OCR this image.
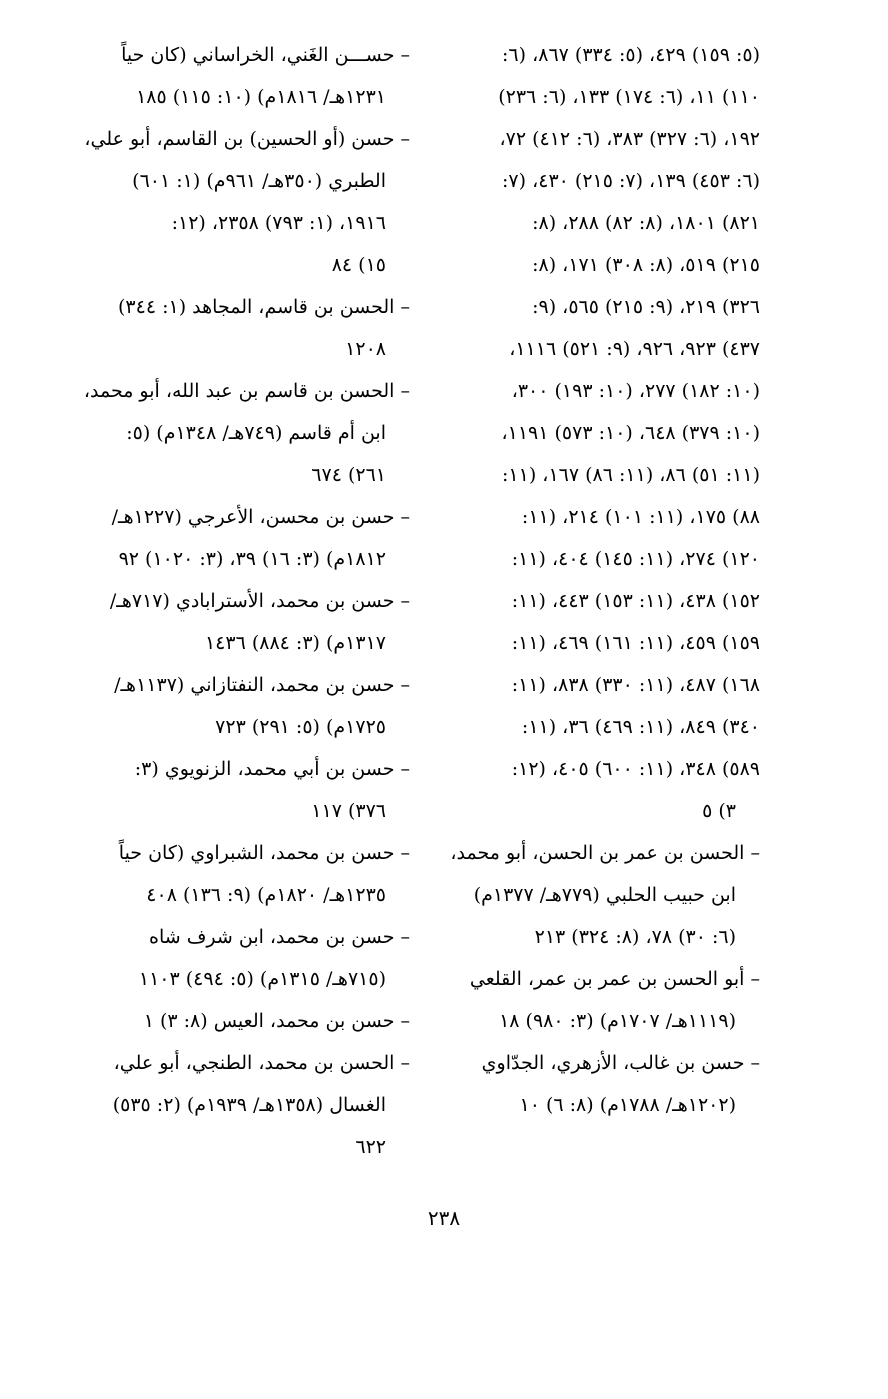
(٥: ١٥٩) ٤٢٩، (٥: ٣٣٤) ٨٦٧، (٦:
١١٠) ١١، (٦: ١٧٤) ١٣٣، (٦: ٢٣٦)
١٩٢، (٦: ٣٢٧) ٣٨٣، (٦: ٤١٢) ٧٢،
(٦: ٤٥٣) ١٣٩، (٧: ٢١٥) ٤٣٠، (٧:
٨٢١) ١٨٠١، (٨: ٨٢) ٢٨٨، (٨:
٢١٥) ٥١٩، (٨: ٣٠٨) ١٧١، (٨:
٣٢٦) ٢١٩، (٩: ٢١٥) ٥٦٥، (٩:
٤٣٧) ٩٢٣، ٩٢٦، (٩: ٥٢١) ١١١٦،
(١٠: ١٨٢) ٢٧٧، (١٠: ١٩٣) ٣٠٠،
(١٠: ٣٧٩) ٦٤٨، (١٠: ٥٧٣) ١١٩١،
(١١: ٥١) ٨٦، (١١: ٨٦) ١٦٧، (١١:
٨٨) ١٧٥، (١١: ١٠١) ٢١٤، (١١:
١٢٠) ٢٧٤، (١١: ١٤٥) ٤٠٤، (١١:
١٥٢) ٤٣٨، (١١: ١٥٣) ٤٤٣، (١١:
١٥٩) ٤٥٩، (١١: ١٦١) ٤٦٩، (١١:
١٦٨) ٤٨٧، (١١: ٣٣٠) ٨٣٨، (١١:
٣٤٠) ٨٤٩، (١١: ٤٦٩) ٣٦، (١١:
٥٨٩) ٣٤٨، (١١: ٦٠٠) ٤٠٥، (١٢:
٣) ٥
– الحسن بن عمر بن الحسن، أبو محمد،
ابن حبيب الحلبي (٧٧٩هـ/ ١٣٧٧م)
(٦: ٣٠) ٧٨، (٨: ٣٢٤) ٢١٣
– أبو الحسن بن عمر بن عمر، القلعي
(١١١٩هـ/ ١٧٠٧م) (٣: ٩٨٠) ١٨
– حسن بن غالب، الأزهري، الجدّاوي
(١٢٠٢هـ/ ١٧٨٨م) (٨: ٦) ١٠
– حســـن الغَني، الخراساني (كان حياً
١٢٣١هـ/ ١٨١٦م) (١٠: ١١٥) ١٨٥
– حسن (أو الحسين) بن القاسم، أبو علي،
الطبري (٣٥٠هـ/ ٩٦١م) (١: ٦٠١)
١٩١٦، (١: ٧٩٣) ٢٣٥٨، (١٢:
١٥) ٨٤
– الحسن بن قاسم، المجاهد (١: ٣٤٤)
١٢٠٨
– الحسن بن قاسم بن عبد الله، أبو محمد،
ابن أم قاسم (٧٤٩هـ/ ١٣٤٨م) (٥:
٢٦١) ٦٧٤
– حسن بن محسن، الأعرجي (١٢٢٧هـ/
١٨١٢م) (٣: ١٦) ٣٩، (٣: ١٠٢٠) ٩٢
– حسن بن محمد، الأسترابادي (٧١٧هـ/
١٣١٧م) (٣: ٨٨٤) ١٤٣٦
– حسن بن محمد، النفتازاني (١١٣٧هـ/
١٧٢٥م) (٥: ٢٩١) ٧٢٣
– حسن بن أبي محمد، الزنويوي (٣:
٣٧٦) ١١٧
– حسن بن محمد، الشبراوي (كان حياً
١٢٣٥هـ/ ١٨٢٠م) (٩: ١٣٦) ٤٠٨
– حسن بن محمد، ابن شرف شاه
(٧١٥هـ/ ١٣١٥م) (٥: ٤٩٤) ١١٠٣
– حسن بن محمد، العيس (٨: ٣) ١
– الحسن بن محمد، الطنجي، أبو علي،
الغسال (١٣٥٨هـ/ ١٩٣٩م) (٢: ٥٣٥)
٦٢٢
٢٣٨
